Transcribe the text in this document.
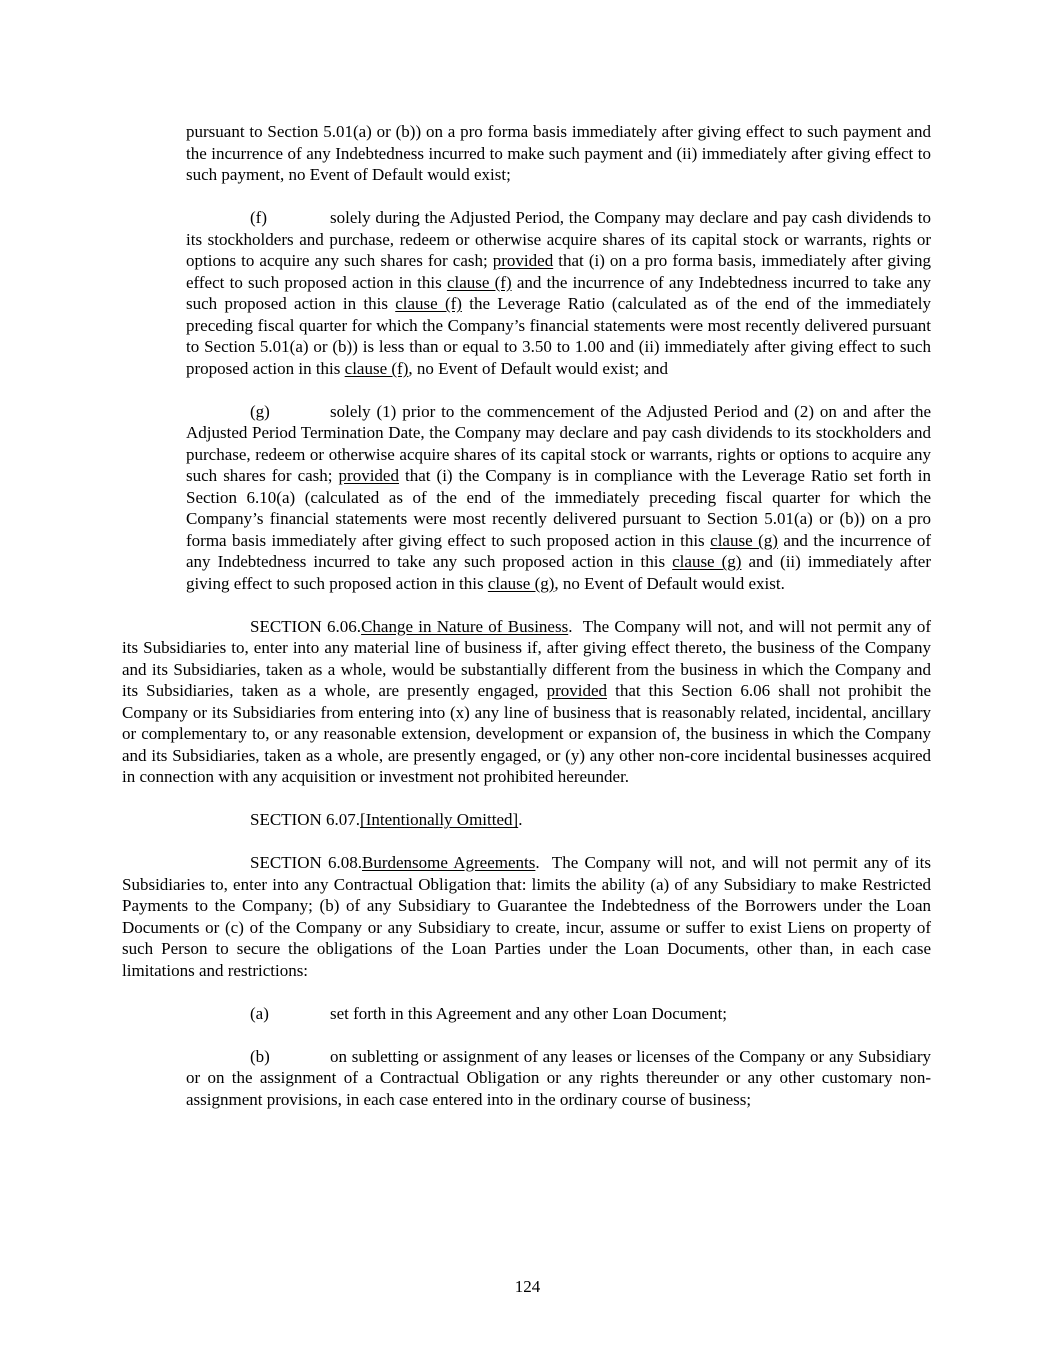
pursuant to Section 5.01(a) or (b)) on a pro forma basis immediately after giving effect to such payment and the incurrence of any Indebtedness incurred to make such payment and (ii) immediately after giving effect to such payment, no Event of Default would exist;

(f)	solely during the Adjusted Period, the Company may declare and pay cash dividends to its stockholders and purchase, redeem or otherwise acquire shares of its capital stock or warrants, rights or options to acquire any such shares for cash; provided that (i) on a pro forma basis, immediately after giving effect to such proposed action in this clause (f) and the incurrence of any Indebtedness incurred to take any such proposed action in this clause (f) the Leverage Ratio (calculated as of the end of the immediately preceding fiscal quarter for which the Company’s financial statements were most recently delivered pursuant to Section 5.01(a) or (b)) is less than or equal to 3.50 to 1.00 and (ii) immediately after giving effect to such proposed action in this clause (f), no Event of Default would exist; and

(g)	solely (1) prior to the commencement of the Adjusted Period and (2) on and after the Adjusted Period Termination Date, the Company may declare and pay cash dividends to its stockholders and purchase, redeem or otherwise acquire shares of its capital stock or warrants, rights or options to acquire any such shares for cash; provided that (i) the Company is in compliance with the Leverage Ratio set forth in Section 6.10(a) (calculated as of the end of the immediately preceding fiscal quarter for which the Company’s financial statements were most recently delivered pursuant to Section 5.01(a) or (b)) on a pro forma basis immediately after giving effect to such proposed action in this clause (g) and the incurrence of any Indebtedness incurred to take any such proposed action in this clause (g) and (ii) immediately after giving effect to such proposed action in this clause (g), no Event of Default would exist.

SECTION 6.06.Change in Nature of Business.  The Company will not, and will not permit any of its Subsidiaries to, enter into any material line of business if, after giving effect thereto, the business of the Company and its Subsidiaries, taken as a whole, would be substantially different from the business in which the Company and its Subsidiaries, taken as a whole, are presently engaged, provided that this Section 6.06 shall not prohibit the Company or its Subsidiaries from entering into (x) any line of business that is reasonably related, incidental, ancillary or complementary to, or any reasonable extension, development or expansion of, the business in which the Company and its Subsidiaries, taken as a whole, are presently engaged, or (y) any other non-core incidental businesses acquired in connection with any acquisition or investment not prohibited hereunder.

SECTION 6.07.[Intentionally Omitted].

SECTION 6.08.Burdensome Agreements.  The Company will not, and will not permit any of its Subsidiaries to, enter into any Contractual Obligation that: limits the ability (a) of any Subsidiary to make Restricted Payments to the Company; (b) of any Subsidiary to Guarantee the Indebtedness of the Borrowers under the Loan Documents or (c) of the Company or any Subsidiary to create, incur, assume or suffer to exist Liens on property of such Person to secure the obligations of the Loan Parties under the Loan Documents, other than, in each case limitations and restrictions:

(a)	set forth in this Agreement and any other Loan Document;

(b)	on subletting or assignment of any leases or licenses of the Company or any Subsidiary or on the assignment of a Contractual Obligation or any rights thereunder or any other customary non-assignment provisions, in each case entered into in the ordinary course of business;

124
